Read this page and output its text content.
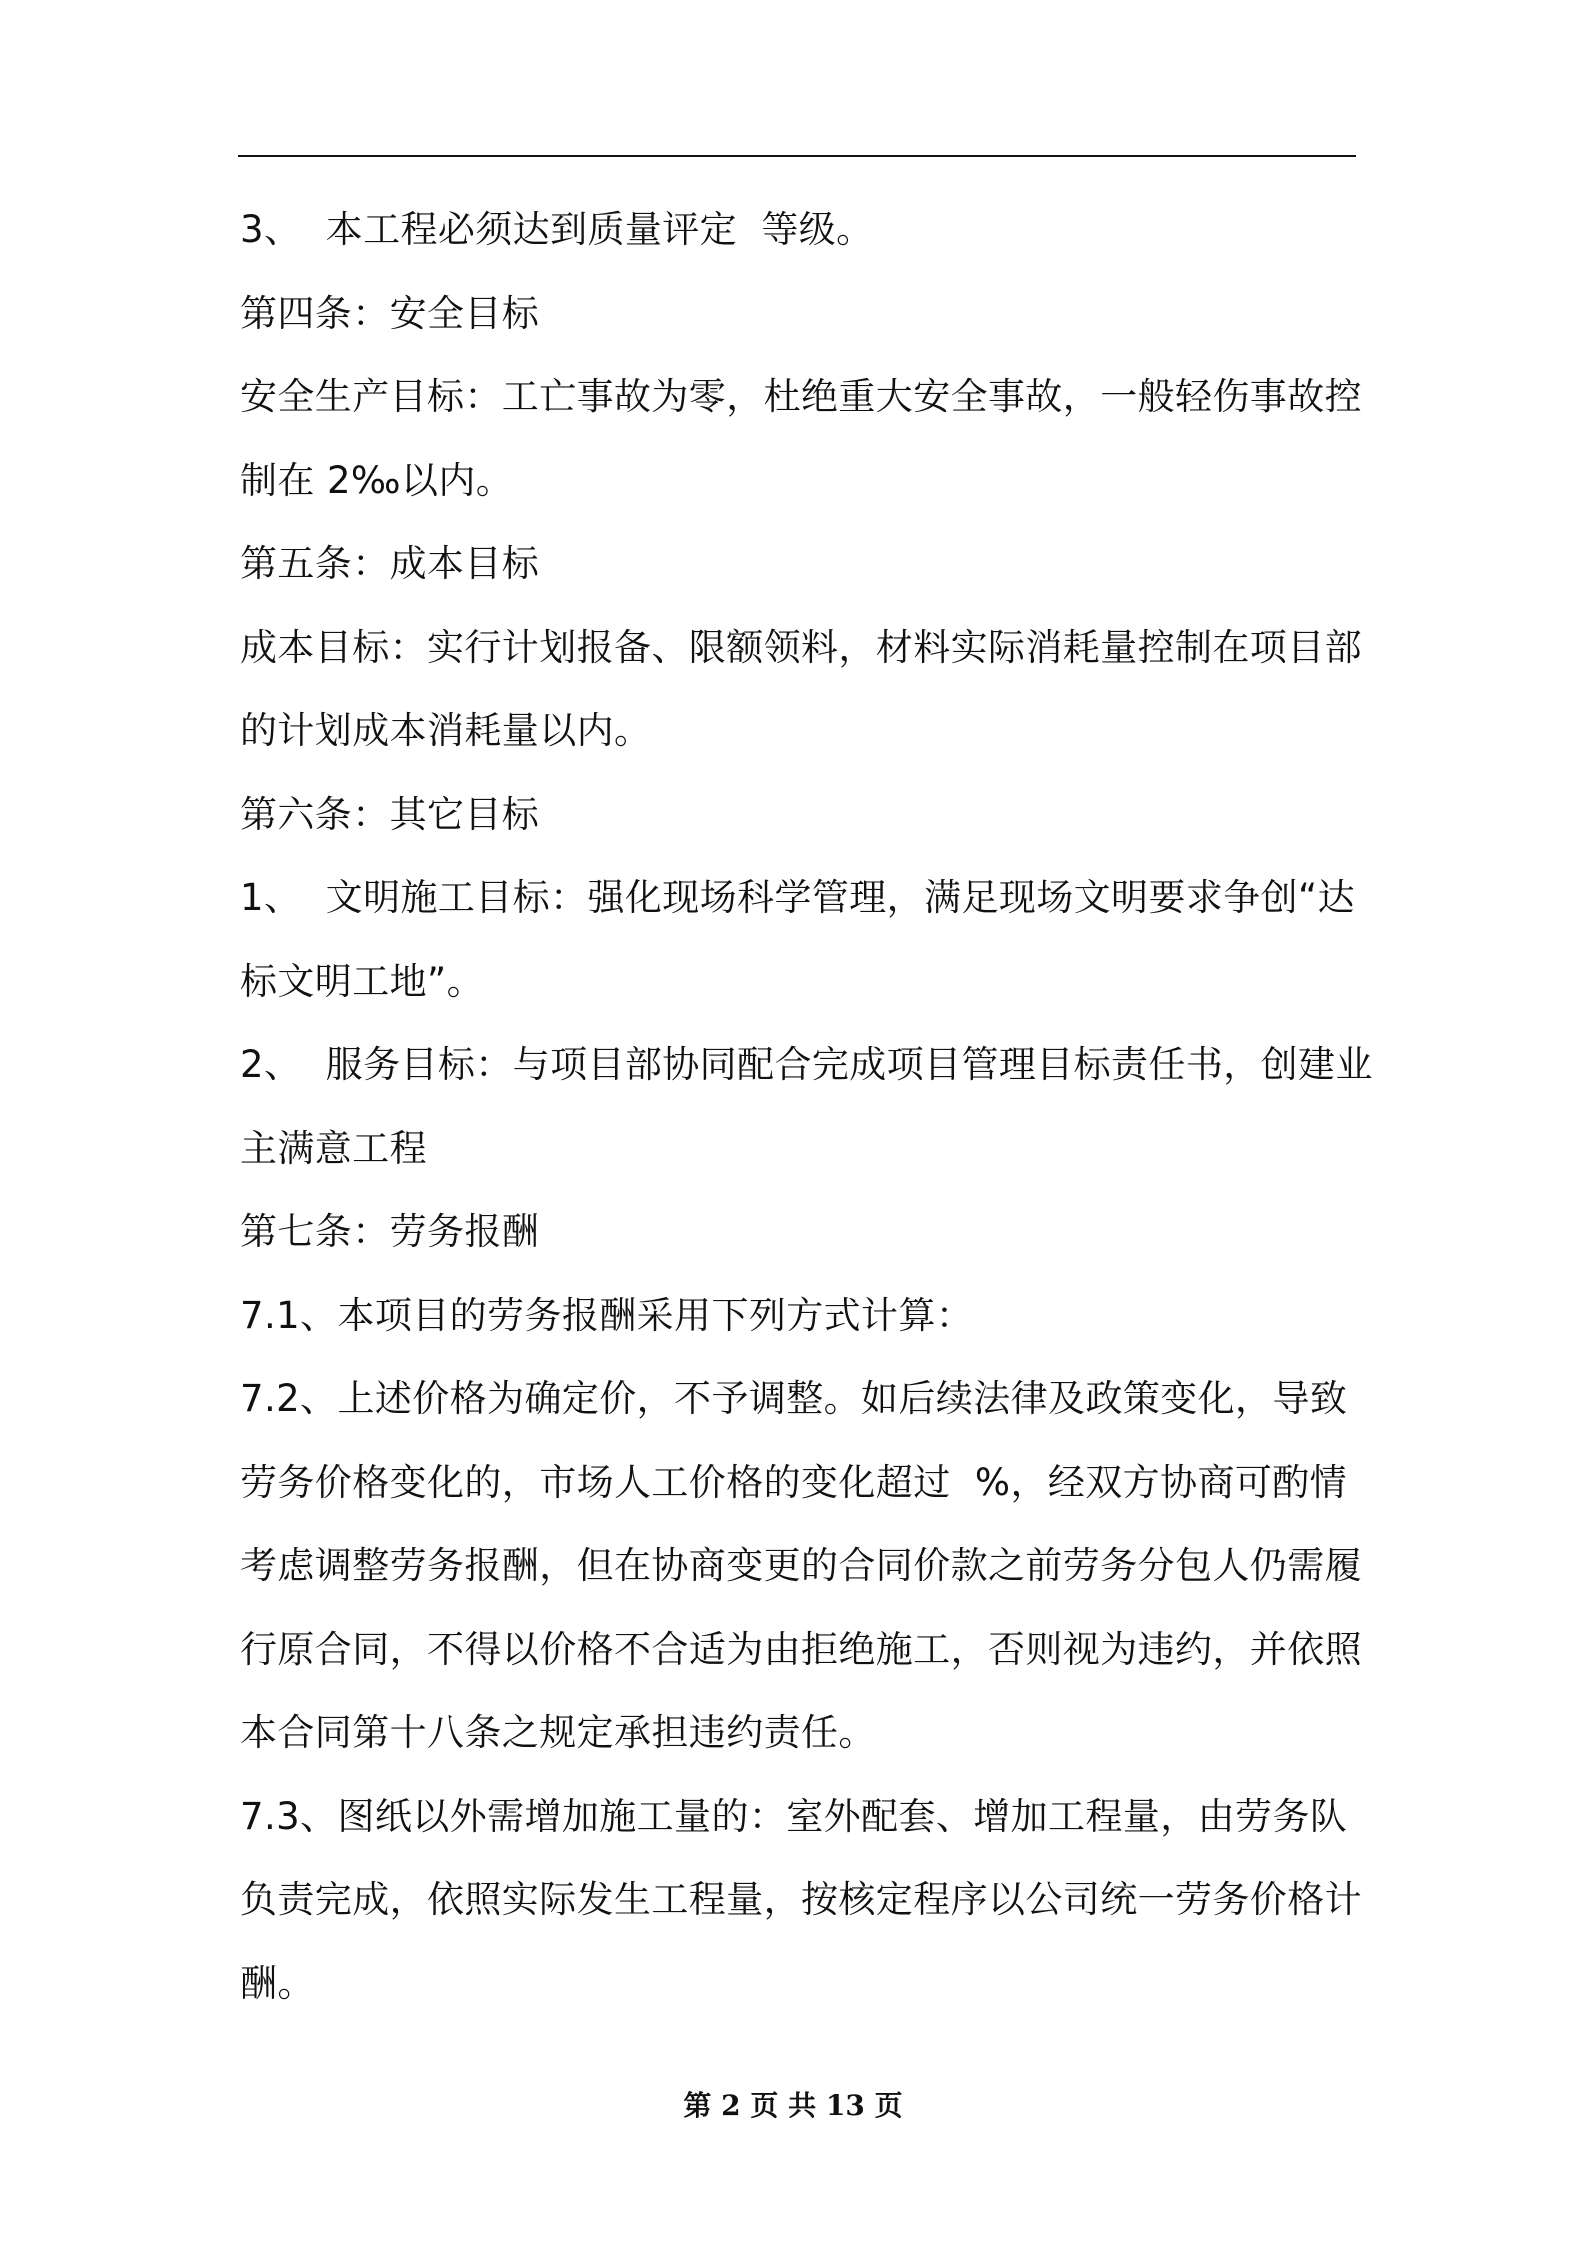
3、  本工程必须达到质量评定  等级。
第四条：安全目标
安全生产目标：工亡事故为零，杜绝重大安全事故，一般轻伤事故控
制在 2‰以内。
第五条：成本目标
成本目标：实行计划报备、限额领料，材料实际消耗量控制在项目部
的计划成本消耗量以内。
第六条：其它目标
1、  文明施工目标：强化现场科学管理，满足现场文明要求争创“达
标文明工地”。
2、  服务目标：与项目部协同配合完成项目管理目标责任书，创建业
主满意工程
第七条：劳务报酬
7.1、本项目的劳务报酬采用下列方式计算：
7.2、上述价格为确定价，不予调整。如后续法律及政策变化，导致
劳务价格变化的，市场人工价格的变化超过  %，经双方协商可酌情
考虑调整劳务报酬，但在协商变更的合同价款之前劳务分包人仍需履
行原合同，不得以价格不合适为由拒绝施工，否则视为违约，并依照
本合同第十八条之规定承担违约责任。
7.3、图纸以外需增加施工量的：室外配套、增加工程量，由劳务队
负责完成，依照实际发生工程量，按核定程序以公司统一劳务价格计
酬。
第 2 页 共 13 页
